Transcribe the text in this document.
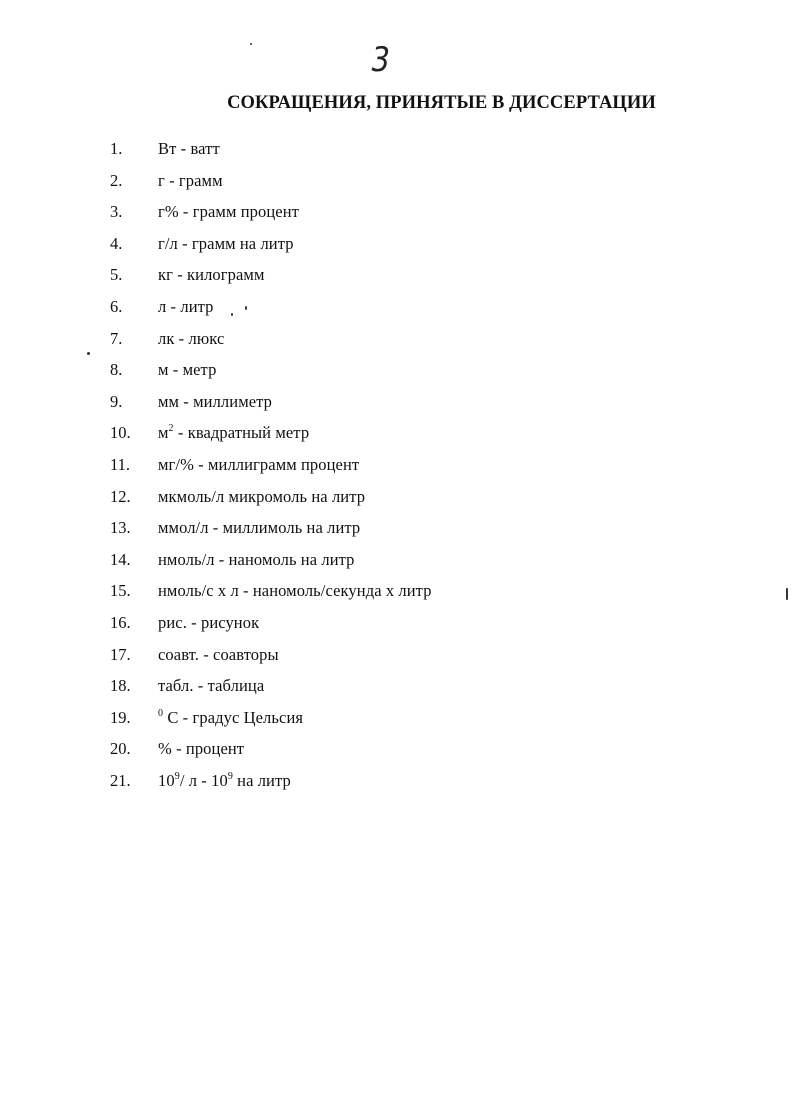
3
СОКРАЩЕНИЯ, ПРИНЯТЫЕ В ДИССЕРТАЦИИ
1. Вт - ватт
2. г - грамм
3. г% - грамм процент
4. г/л - грамм на литр
5. кг - килограмм
6. л - литр
7. лк - люкс
8. м - метр
9. мм - миллиметр
10. $м^2$ - квадратный метр
11. мг/% - миллиграмм процент
12. мкмоль/л микромоль на литр
13. ммол/л - миллимоль на литр
14. нмоль/л - наномоль на литр
15. нмоль/с х л - наномоль/секунда х литр
16. рис. - рисунок
17. соавт. - соавторы
18. табл. - таблица
19.	$^0$ С - градус Цельсия
20. % - процент
21. $10^9/$ л - $10^9$ на литр
